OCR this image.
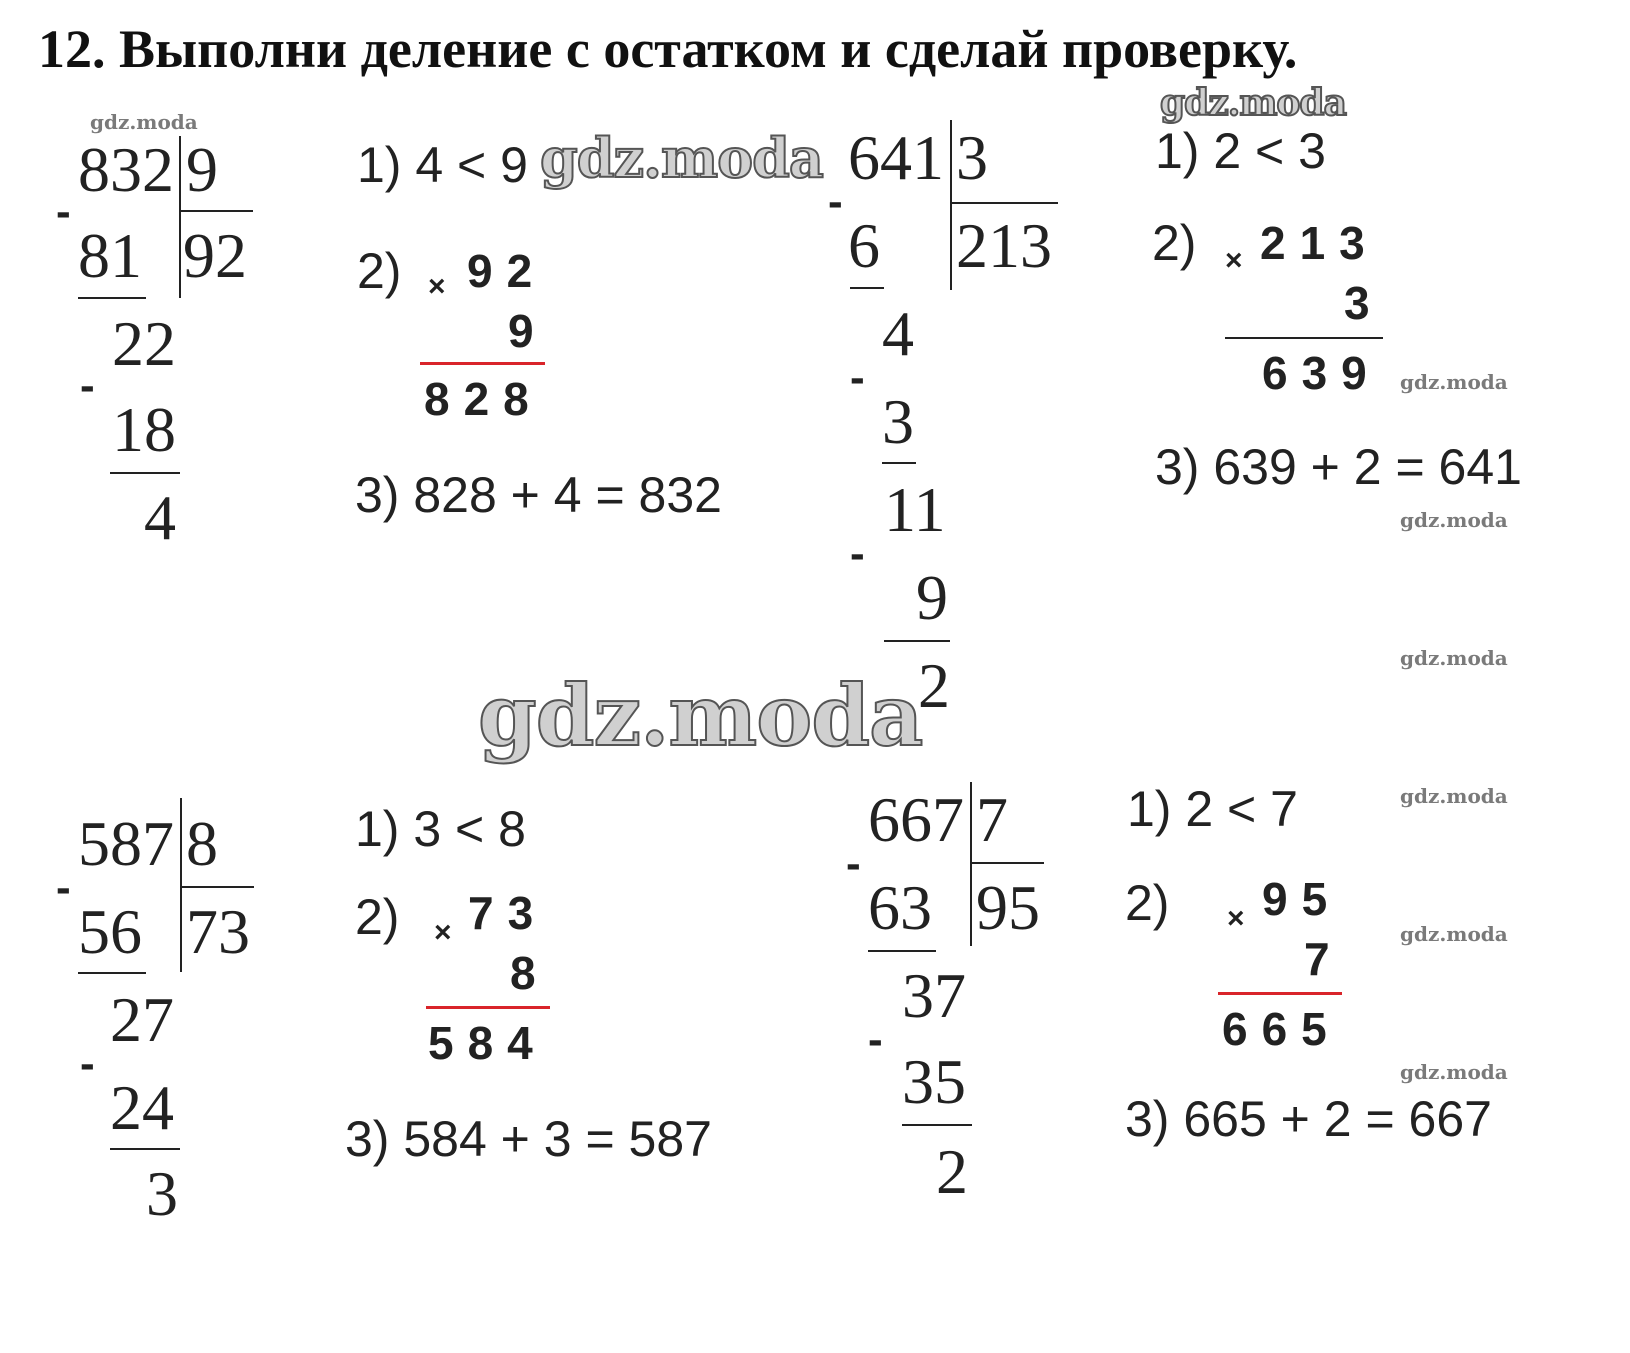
12. Выполни деление с остатком и сделай проверку.
832 9
92
-
81
22
-
18
4
1) 4 < 9
2) × 92
9
828
3) 828 + 4 = 832
641 3
213
-
6
4
-
3
11
-
9
2
1) 2 < 3
2) × 213
3
639
3) 639 + 2 = 641
587 8
73
-
56
27
-
24
3
1) 3 < 8
2) × 73
8
584
3) 584 + 3 = 587
667 7
95
-
63
37
-
35
2
1) 2 < 7
2) × 95
7
665
3) 665 + 2 = 667
gdz.moda
gdz.moda
gdz.moda
gdz.moda
gdz.moda
gdz.moda
gdz.moda
gdz.moda
gdz.moda
gdz.moda
